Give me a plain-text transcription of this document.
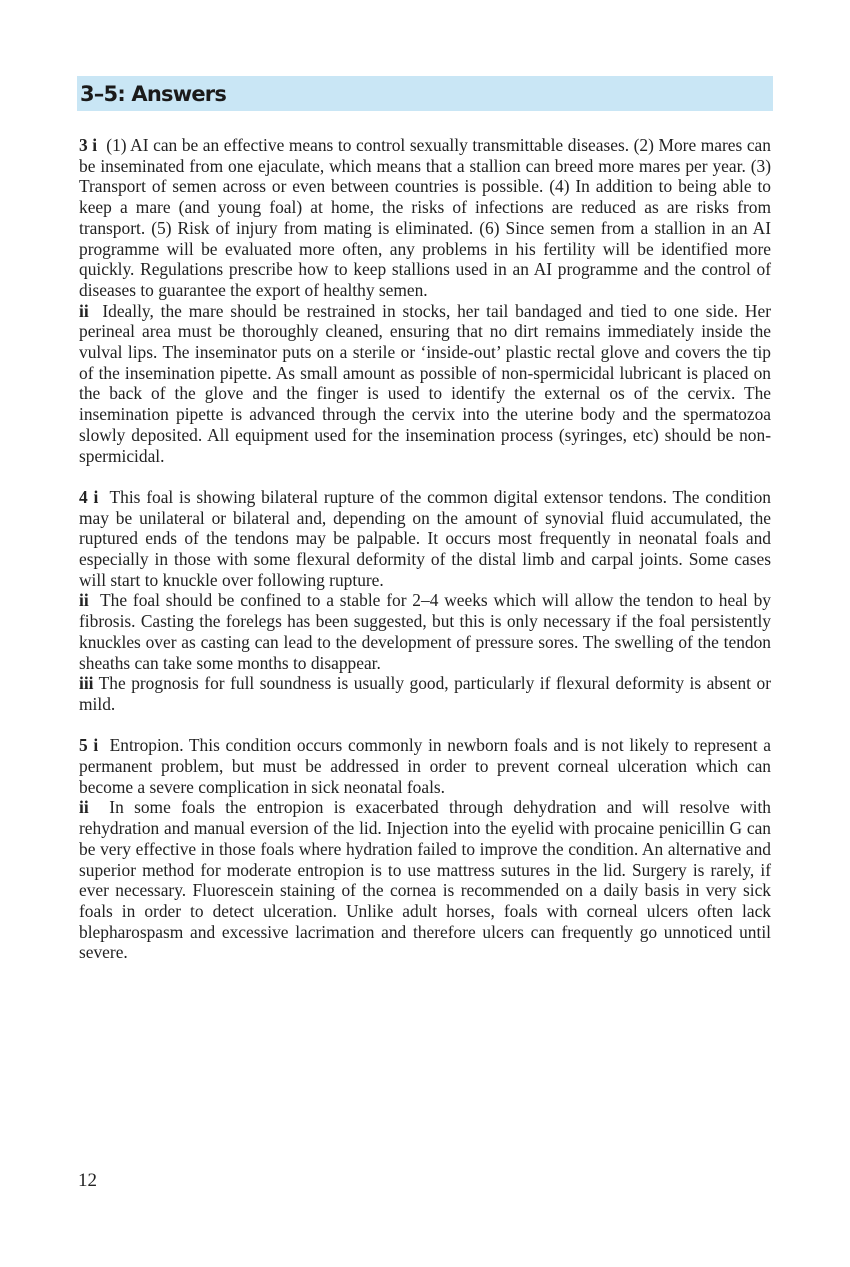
3–5: Answers

3 i (1) AI can be an effective means to control sexually transmittable diseases. (2) More mares can be inseminated from one ejaculate, which means that a stallion can breed more mares per year. (3) Transport of semen across or even between countries is possible. (4) In addition to being able to keep a mare (and young foal) at home, the risks of infections are reduced as are risks from transport. (5) Risk of injury from mating is eliminated. (6) Since semen from a stallion in an AI programme will be evaluated more often, any problems in his fertility will be identified more quickly. Regulations prescribe how to keep stallions used in an AI programme and the control of diseases to guarantee the export of healthy semen.

ii Ideally, the mare should be restrained in stocks, her tail bandaged and tied to one side. Her perineal area must be thoroughly cleaned, ensuring that no dirt remains immediately inside the vulval lips. The inseminator puts on a sterile or ‘inside-out’ plastic rectal glove and covers the tip of the insemination pipette. As small amount as possible of non-spermicidal lubricant is placed on the back of the glove and the finger is used to identify the external os of the cervix. The insemination pipette is advanced through the cervix into the uterine body and the spermatozoa slowly deposited. All equipment used for the insemination process (syringes, etc) should be non-spermicidal.

4 i This foal is showing bilateral rupture of the common digital extensor tendons. The condition may be unilateral or bilateral and, depending on the amount of synovial fluid accumulated, the ruptured ends of the tendons may be palpable. It occurs most frequently in neonatal foals and especially in those with some flexural deformity of the distal limb and carpal joints. Some cases will start to knuckle over following rupture.

ii The foal should be confined to a stable for 2–4 weeks which will allow the tendon to heal by fibrosis. Casting the forelegs has been suggested, but this is only necessary if the foal persistently knuckles over as casting can lead to the development of pressure sores. The swelling of the tendon sheaths can take some months to disappear.

iii The prognosis for full soundness is usually good, particularly if flexural deformity is absent or mild.

5 i Entropion. This condition occurs commonly in newborn foals and is not likely to represent a permanent problem, but must be addressed in order to prevent corneal ulceration which can become a severe complication in sick neonatal foals.

ii In some foals the entropion is exacerbated through dehydration and will resolve with rehydration and manual eversion of the lid. Injection into the eyelid with procaine penicillin G can be very effective in those foals where hydration failed to improve the condition. An alternative and superior method for moderate entropion is to use mattress sutures in the lid. Surgery is rarely, if ever necessary. Fluorescein staining of the cornea is recommended on a daily basis in very sick foals in order to detect ulceration. Unlike adult horses, foals with corneal ulcers often lack blepharospasm and excessive lacrimation and therefore ulcers can frequently go unnoticed until severe.

12
